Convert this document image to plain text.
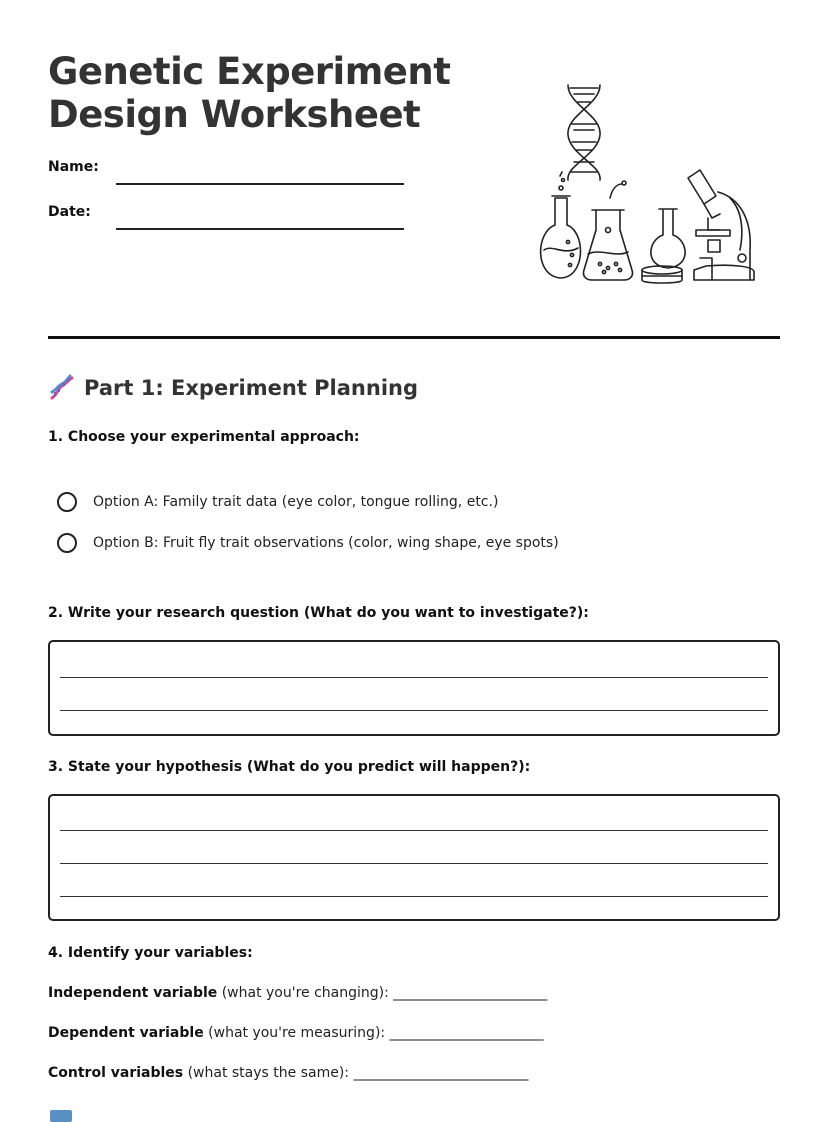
Genetic Experiment
Design Worksheet
Name:
Date:
Part 1: Experiment Planning
1. Choose your experimental approach:
Option A: Family trait data (eye color, tongue rolling, etc.)
Option B: Fruit fly trait observations (color, wing shape, eye spots)
2. Write your research question (What do you want to investigate?):
3. State your hypothesis (What do you predict will happen?):
4. Identify your variables:
Independent variable (what you're changing): ______________________
Dependent variable (what you're measuring): ______________________
Control variables (what stays the same): _________________________
